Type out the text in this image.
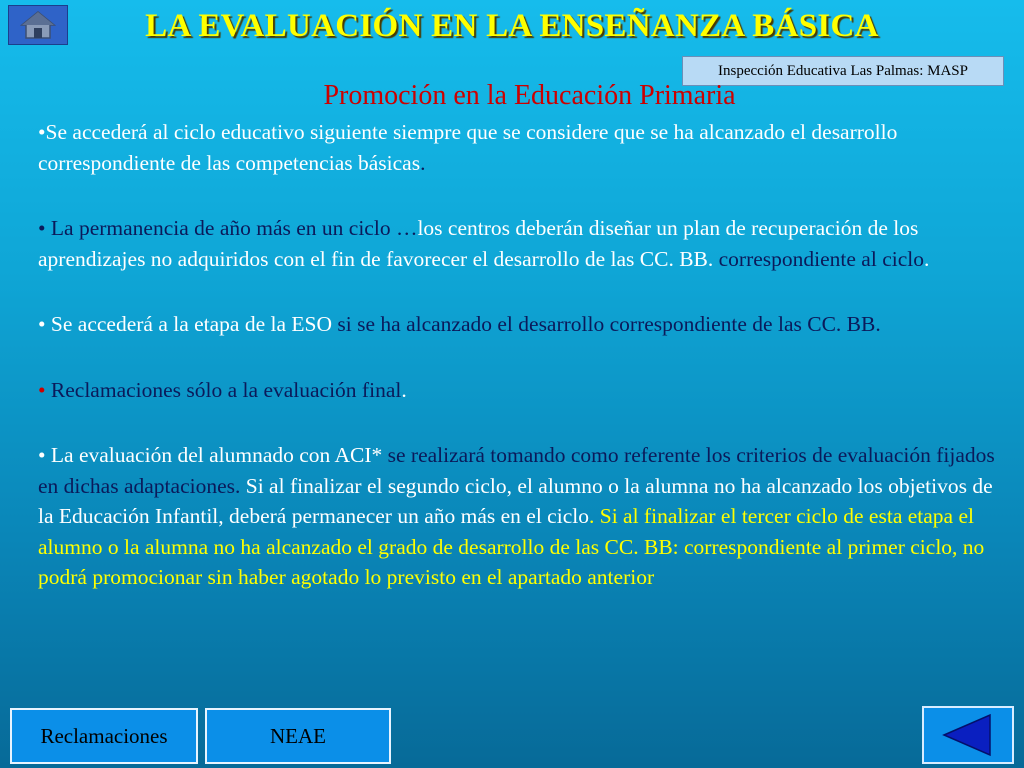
LA EVALUACIÓN EN LA ENSEÑANZA BÁSICA
Inspección Educativa Las Palmas: MASP
Promoción en la Educación Primaria

•Se accederá al ciclo educativo siguiente siempre que se considere que se ha alcanzado el desarrollo correspondiente de las competencias básicas.

• La permanencia de año más en un ciclo …los centros deberán diseñar un plan de recuperación de los aprendizajes no adquiridos con el fin de favorecer el desarrollo de las CC. BB. correspondiente al ciclo.

• Se accederá a la etapa de la ESO si se ha alcanzado el desarrollo correspondiente de las CC. BB.

• Reclamaciones sólo a la evaluación final.

• La evaluación del alumnado con ACI* se realizará tomando como referente los criterios de evaluación fijados en dichas adaptaciones. Si al finalizar el segundo ciclo, el alumno o la alumna no ha alcanzado los objetivos de la Educación Infantil, deberá permanecer un año más en el ciclo. Si al finalizar el tercer ciclo de esta etapa el alumno o la alumna no ha alcanzado el grado de desarrollo de las CC. BB: correspondiente al primer ciclo, no podrá promocionar sin haber agotado lo previsto en el apartado anterior

Reclamaciones	NEAE
